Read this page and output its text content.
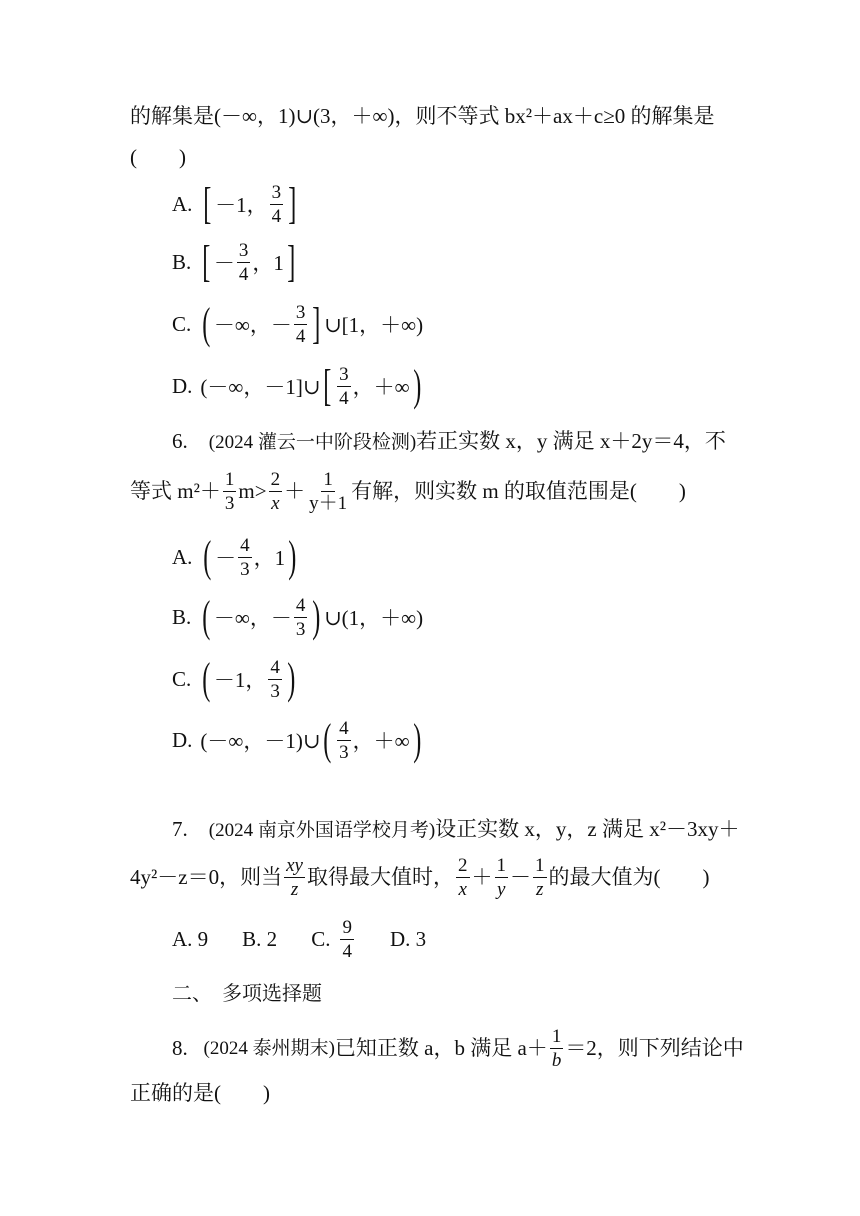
的解集是(－∞，1)∪(3，＋∞)，则不等式 bx²＋ax＋c≥0 的解集是
(　　)
A. [ －1， $\frac{3}{4}$ ]
B. [ － $\frac{3}{4}$ ，1 ]
C. ( －∞，－ $\frac{3}{4}$ ] ∪[1，＋∞)
D. (－∞，－1]∪ [ $\frac{3}{4}$ ，＋∞ )
6. (2024 灌云一中阶段检测)若正实数 x，y 满足 x＋2y＝4，不
等式 $m^2+ \frac{1}{3} m> \frac{2}{x} + \frac{1}{y+1}$ 有解，则实数 m 的取值范围是(　　)
A. ( － $\frac{4}{3}$ ，1 )
B. ( －∞，－ $\frac{4}{3}$ ) ∪(1，＋∞)
C. ( －1， $\frac{4}{3}$ )
D. (－∞，－1)∪ ( $\frac{4}{3}$ ，＋∞ )
7. (2024 南京外国语学校月考)设正实数 x，y，z 满足 x²－3xy＋
4y²－z＝0，则当 $\frac{xy}{z}$ 取得最大值时， $\frac{2}{x} + \frac{1}{y} - \frac{1}{z}$ 的最大值为(　　)
A. 9 B. 2 C. $\frac{9}{4} D$. 3
二、　多项选择题
8.
(2024 泰州期末) 已知正数 a，b 满足 $a+ \frac{1}{b} =2$，则下列结论中
正确的是(　　)
